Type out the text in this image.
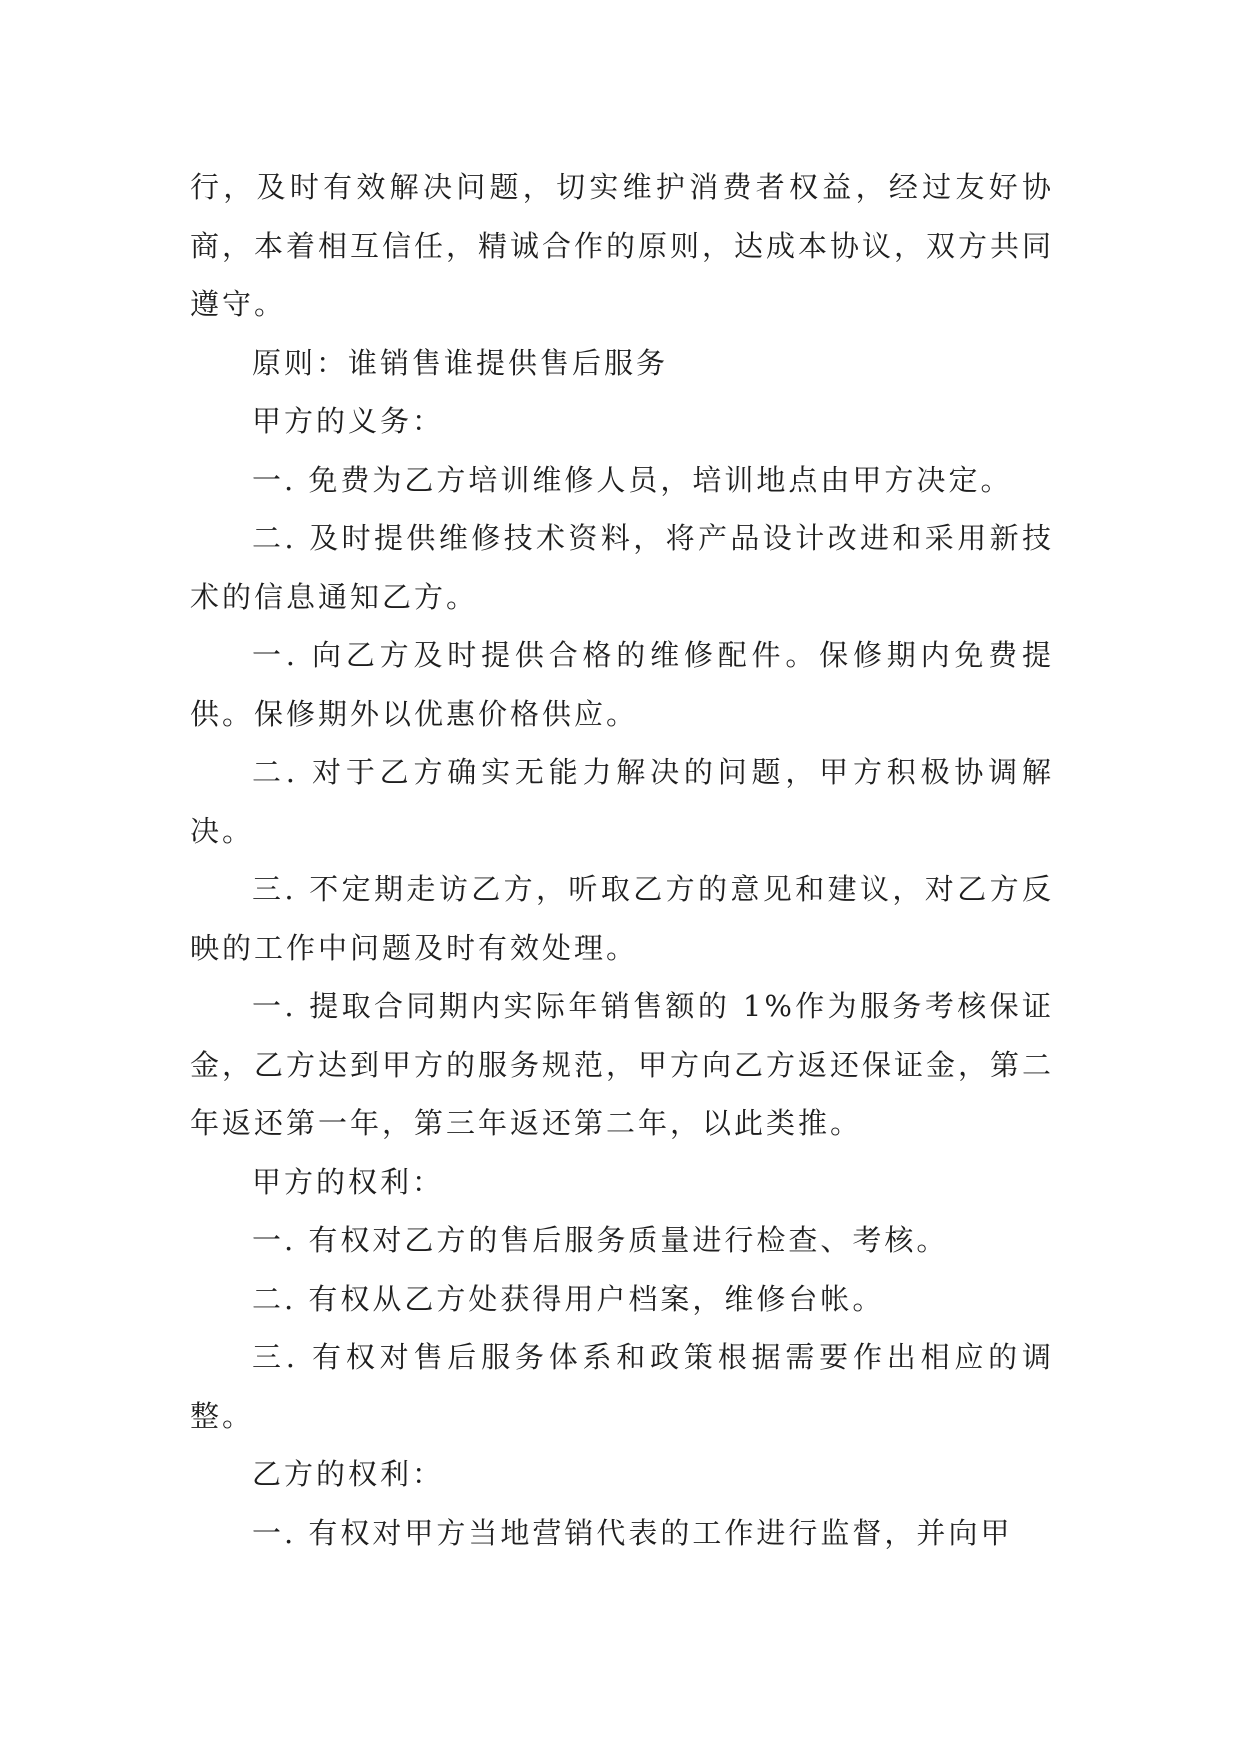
行，及时有效解决问题，切实维护消费者权益，经过友好协商，本着相互信任，精诚合作的原则，达成本协议，双方共同遵守。

原则：谁销售谁提供售后服务

甲方的义务：

一. 免费为乙方培训维修人员，培训地点由甲方决定。

二. 及时提供维修技术资料，将产品设计改进和采用新技术的信息通知乙方。

一. 向乙方及时提供合格的维修配件。保修期内免费提供。保修期外以优惠价格供应。

二. 对于乙方确实无能力解决的问题，甲方积极协调解决。

三. 不定期走访乙方，听取乙方的意见和建议，对乙方反映的工作中问题及时有效处理。

一. 提取合同期内实际年销售额的 1%作为服务考核保证金，乙方达到甲方的服务规范，甲方向乙方返还保证金，第二年返还第一年，第三年返还第二年，以此类推。

甲方的权利：

一. 有权对乙方的售后服务质量进行检查、考核。

二. 有权从乙方处获得用户档案，维修台帐。

三. 有权对售后服务体系和政策根据需要作出相应的调整。

乙方的权利：

一. 有权对甲方当地营销代表的工作进行监督，并向甲
